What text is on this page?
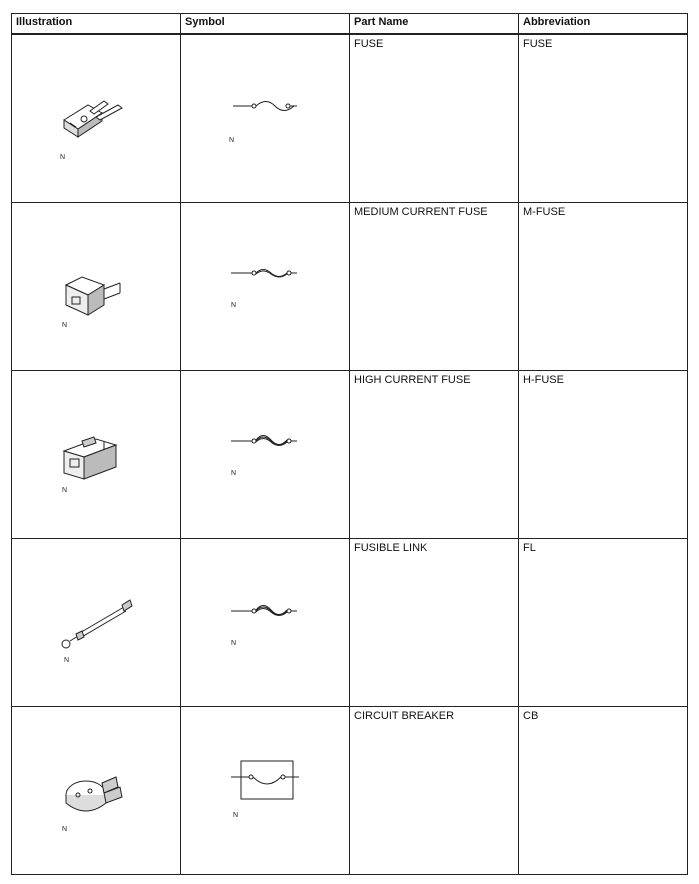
Illustration	Symbol	Part Name	Abbreviation

N	N	FUSE	FUSE

N	N	MEDIUM CURRENT FUSE	M-FUSE

N	N	HIGH CURRENT FUSE	H-FUSE

N	N	FUSIBLE LINK	FL

N	N	CIRCUIT BREAKER	CB
